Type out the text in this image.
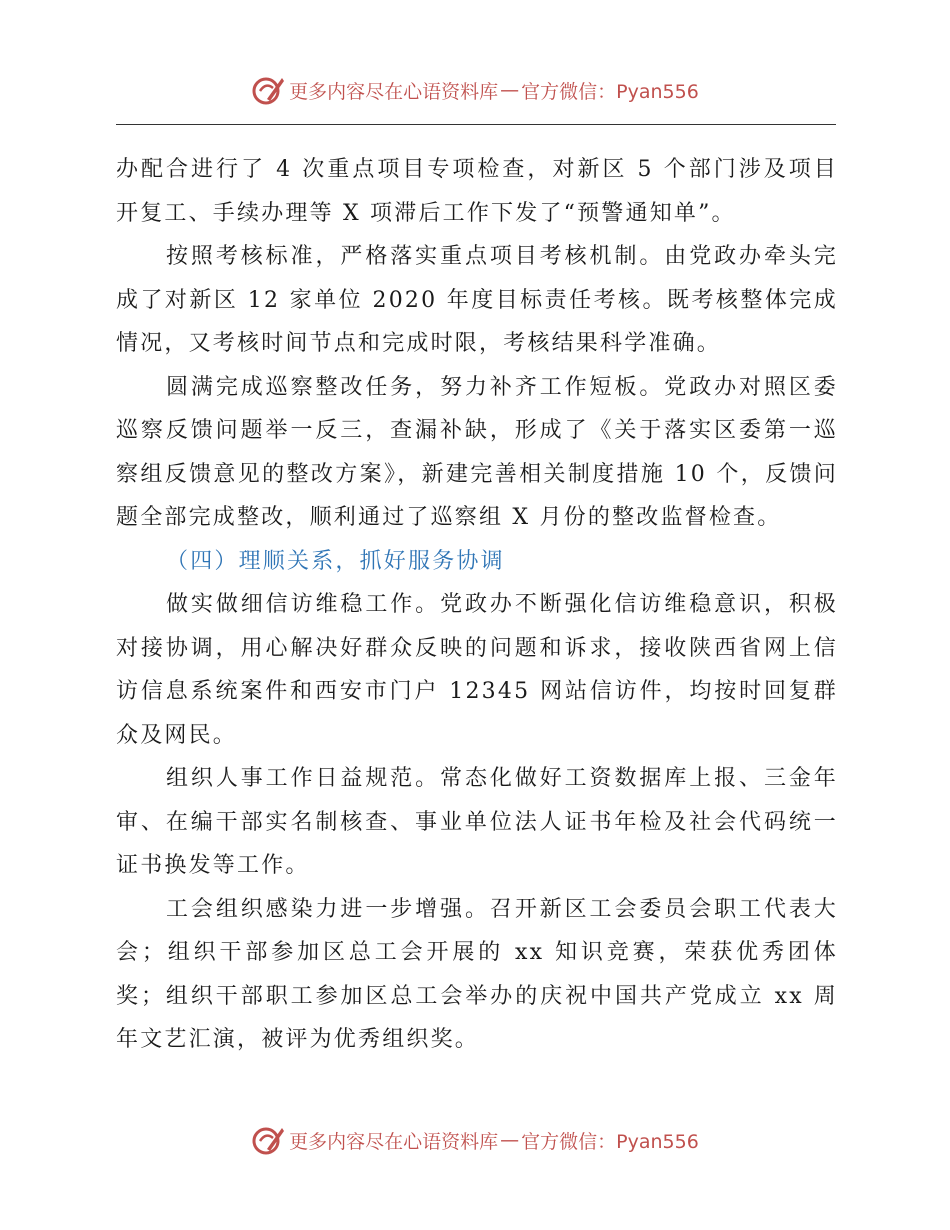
更多内容尽在心语资料库 — 官方微信：Pyan556

办配合进行了 4 次重点项目专项检查，对新区 5 个部门涉及项目开复工、手续办理等 X 项滞后工作下发了“预警通知单”。

按照考核标准，严格落实重点项目考核机制。由党政办牵头完成了对新区 12 家单位 2020 年度目标责任考核。既考核整体完成情况，又考核时间节点和完成时限，考核结果科学准确。

圆满完成巡察整改任务，努力补齐工作短板。党政办对照区委巡察反馈问题举一反三，查漏补缺，形成了《关于落实区委第一巡察组反馈意见的整改方案》，新建完善相关制度措施 10 个，反馈问题全部完成整改，顺利通过了巡察组 X 月份的整改监督检查。

（四）理顺关系，抓好服务协调

做实做细信访维稳工作。党政办不断强化信访维稳意识，积极对接协调，用心解决好群众反映的问题和诉求，接收陕西省网上信访信息系统案件和西安市门户 12345 网站信访件，均按时回复群众及网民。

组织人事工作日益规范。常态化做好工资数据库上报、三金年审、在编干部实名制核查、事业单位法人证书年检及社会代码统一证书换发等工作。

工会组织感染力进一步增强。召开新区工会委员会职工代表大会；组织干部参加区总工会开展的 xx 知识竞赛，荣获优秀团体奖；组织干部职工参加区总工会举办的庆祝中国共产党成立 xx 周年文艺汇演，被评为优秀组织奖。

更多内容尽在心语资料库 — 官方微信：Pyan556
